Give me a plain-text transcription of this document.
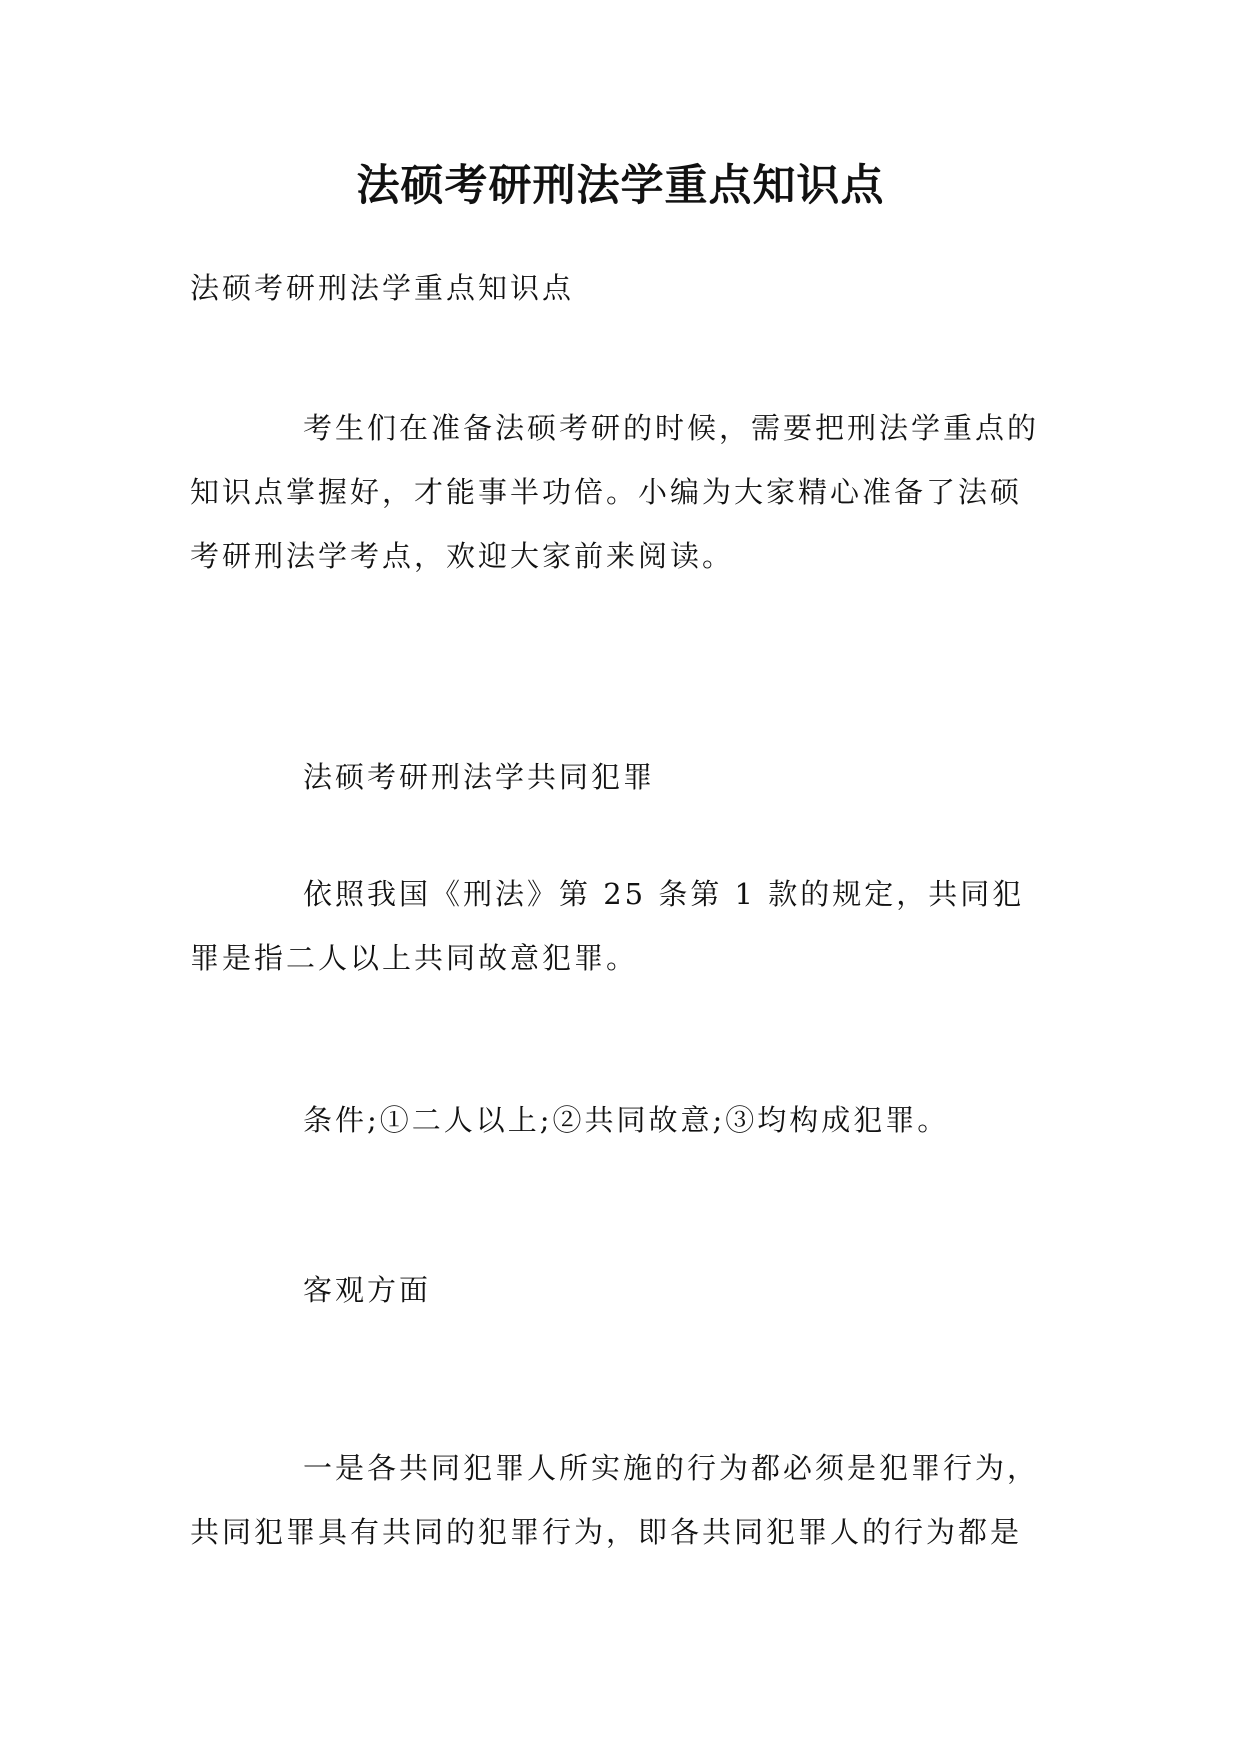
法硕考研刑法学重点知识点

法硕考研刑法学重点知识点

考生们在准备法硕考研的时候，需要把刑法学重点的知识点掌握好，才能事半功倍。小编为大家精心准备了法硕考研刑法学考点，欢迎大家前来阅读。

法硕考研刑法学共同犯罪

依照我国《刑法》第 25 条第 1 款的规定，共同犯罪是指二人以上共同故意犯罪。

条件;①二人以上;②共同故意;③均构成犯罪。

客观方面

一是各共同犯罪人所实施的行为都必须是犯罪行为，共同犯罪具有共同的犯罪行为，即各共同犯罪人的行为都是
